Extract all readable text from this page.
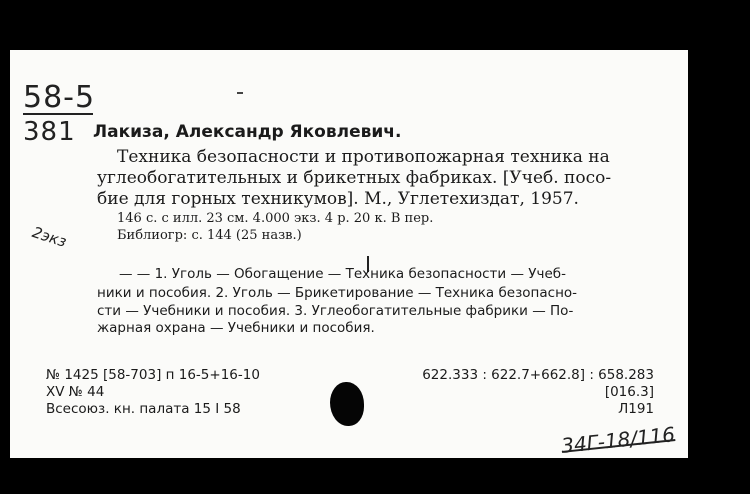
58-5
381 Лакиза, Александр Яковлевич.
Техника безопасности и противопожарная техника на
углеобогатительных и брикетных фабриках. [Учеб. посо-
бие для горных техникумов]. М., Углетехиздат, 1957.
146 с. с илл. 23 см. 4.000 экз. 4 р. 20 к. В пер.
Библиогр: с. 144 (25 назв.)
2экз
— — 1. Уголь — Обогащение — Техника безопасности — Учеб-
ники и пособия. 2. Уголь — Брикетирование — Техника безопасно-
сти — Учебники и пособия. 3. Углеобогатительные фабрики — По-
жарная охрана — Учебники и пособия.
№ 1425 [58-703] п 16-5+16-10	622.333 : 622.7+662.8] : 658.283
XV № 44	[016.3]
Всесоюз. кн. палата 15 I 58	Л191
34Г-18/116
